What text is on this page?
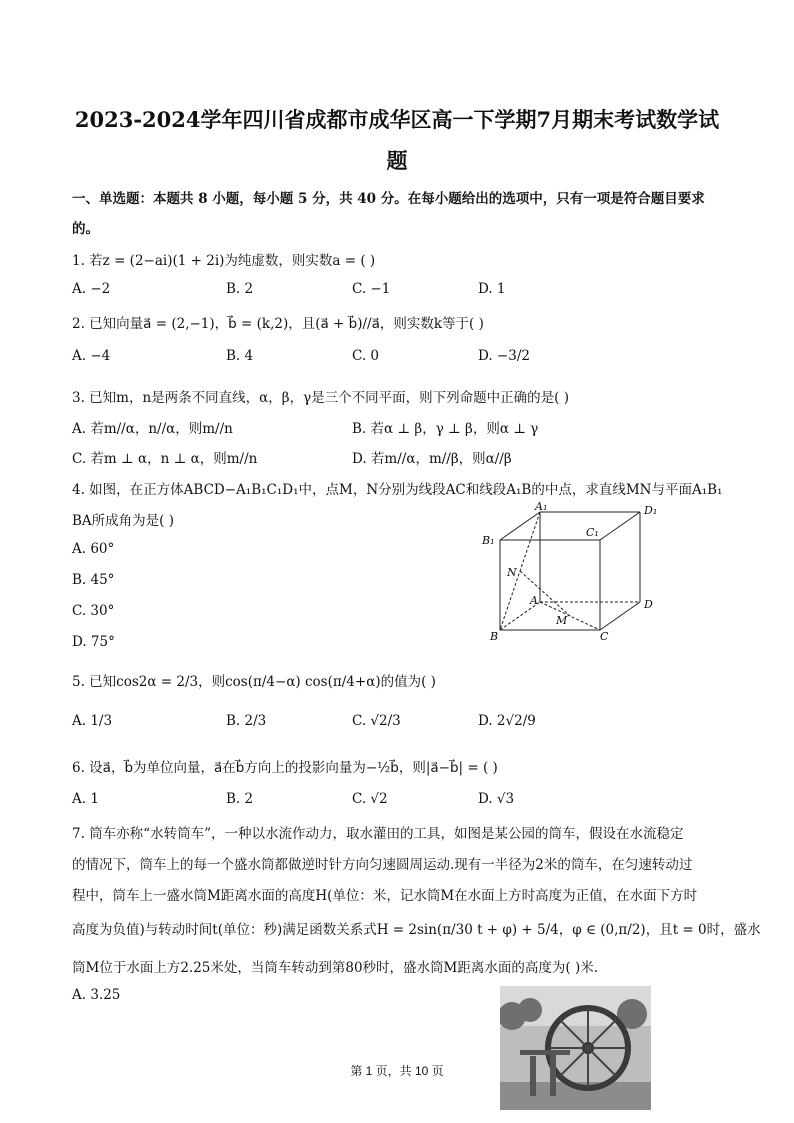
2023-2024学年四川省成都市成华区高一下学期7月期末考试数学试
题
一、单选题：本题共 8 小题，每小题 5 分，共 40 分。在每小题给出的选项中，只有一项是符合题目要求
的。
1. 若z = (2−ai)(1 + 2i)为纯虚数，则实数a = ( )
A. −2	B. 2	C. −1	D. 1
2. 已知向量a⃗ = (2,−1)，b⃗ = (k,2)，且(a⃗ + b⃗)//a⃗，则实数k等于( )
A. −4	B. 4	C. 0	D. −3/2
3. 已知m，n是两条不同直线，α，β，γ是三个不同平面，则下列命题中正确的是( )
A. 若m//α，n//α，则m//n	B. 若α ⊥ β，γ ⊥ β，则α ⊥ γ
C. 若m ⊥ α，n ⊥ α，则m//n	D. 若m//α，m//β，则α//β
4. 如图，在正方体ABCD−A₁B₁C₁D₁中，点M，N分别为线段AC和线段A₁B的中点，求直线MN与平面A₁B₁
BA所成角为是( )
A. 60°
B. 45°
C. 30°
D. 75°
A₁	D₁
B₁
C₁
N
A	D
B
M
C
5. 已知cos2α = 2/3，则cos(π/4−α) cos(π/4+α)的值为( )
A. 1/3	B. 2/3	C. √2/3	D. 2√2/9
6. 设a⃗，b⃗为单位向量，a⃗在b⃗方向上的投影向量为−½b⃗，则|a⃗−b⃗| = ( )
A. 1	B. 2	C. √2	D. √3
7. 筒车亦称“水转筒车”，一种以水流作动力，取水灌田的工具，如图是某公园的筒车，假设在水流稳定
的情况下，筒车上的每一个盛水筒都做逆时针方向匀速圆周运动.现有一半径为2米的筒车，在匀速转动过
程中，筒车上一盛水筒M距离水面的高度H(单位：米，记水筒M在水面上方时高度为正值，在水面下方时
高度为负值)与转动时间t(单位：秒)满足函数关系式H = 2sin(π/30 t + φ) + 5/4，φ ∈ (0,π/2)，且t = 0时，盛水
筒M位于水面上方2.25米处，当筒车转动到第80秒时，盛水筒M距离水面的高度为( )米.
A. 3.25
第 1 页，共 10 页
